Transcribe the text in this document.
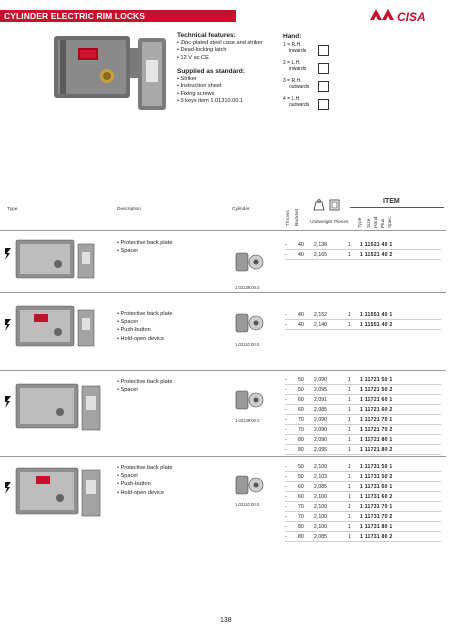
CYLINDER ELECTRIC RIM LOCKS	CISA
Technical features:
• Zinc-plated steel case and striker
• Dead-locking latch
• 12 V ac CE
Supplied as standard:
• Striker
• Instruction sheet
• Fixing screws
• 3 keys item 1.01310.00.1
Hand:
1 = R.H.
inwards
2 = L.H.
inwards
3 = R.H.
outwards
4 = L.H.
outwards
Type	Description	Cylinder
Throws Backset Unitweight Pieces
ITEM
Type Size Hand Plus Spec.
• Protective back plate
• Spacer
1.02139.00.0
-	40	2,138	1	1 11521 40 1
-	40	2,165	1	1 11521 40 2
• Protective back plate
• Spacer
• Push-button
• Hold-open device
1.02110.00.0
-	40	2,152	1	1 11551 40 1
-	40	2,140	1	1 11551 40 2
• Protective back plate
• Spacer
1.02139.00.0
-	50	2,090	1	1 11721 50 1
-	50	2,095	1	1 11721 50 2
-	60	2,091	1	1 11721 60 1
-	60	2,085	1	1 11721 60 2
-	70	2,090	1	1 11721 70 1
-	70	2,090	1	1 11721 70 2
-	80	2,090	1	1 11721 80 1
-	80	2,095	1	1 11721 80 2
• Protective back plate
• Spacer
• Push-button
• Hold-open device
1.02110.00.0
-	50	2,100	1	1 11731 50 1
-	50	2,103	1	1 11731 50 2
-	60	2,085	1	1 11731 60 1
-	60	2,100	1	1 11731 60 2
-	70	2,100	1	1 11731 70 1
-	70	2,100	1	1 11731 70 2
-	80	2,100	1	1 11731 80 1
-	80	2,085	1	1 11731 80 2
138
